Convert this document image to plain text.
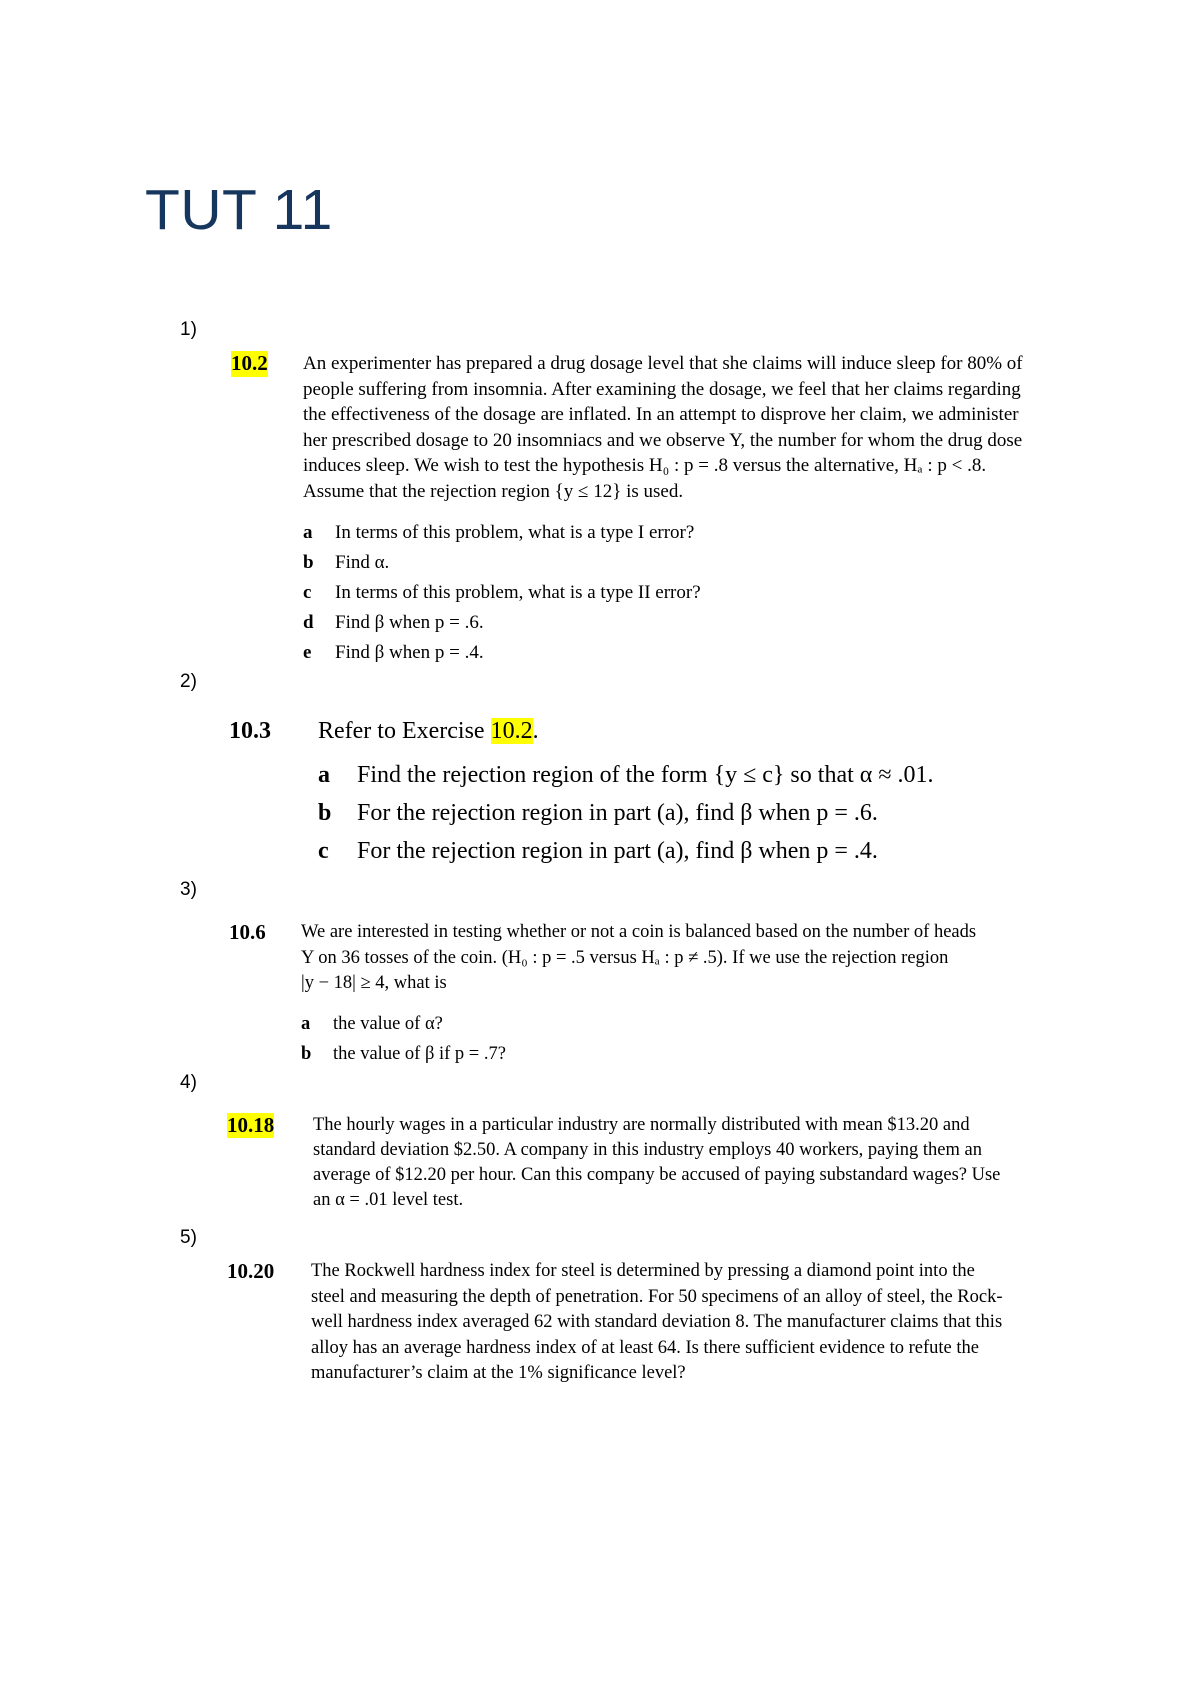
TUT 11
1)
10.2 An experimenter has prepared a drug dosage level that she claims will induce sleep for 80% of
people suffering from insomnia. After examining the dosage, we feel that her claims regarding
the effectiveness of the dosage are inflated. In an attempt to disprove her claim, we administer
her prescribed dosage to 20 insomniacs and we observe Y, the number for whom the drug dose
induces sleep. We wish to test the hypothesis H₀ : p = .8 versus the alternative, Hₐ : p < .8.
Assume that the rejection region {y ≤ 12} is used.
a	In terms of this problem, what is a type I error?
b	Find α.
c	In terms of this problem, what is a type II error?
d	Find β when p = .6.
e	Find β when p = .4.
2)
10.3 Refer to Exercise 10.2.
a	Find the rejection region of the form {y ≤ c} so that α ≈ .01.
b	For the rejection region in part (a), find β when p = .6.
c	For the rejection region in part (a), find β when p = .4.
3)
10.6 We are interested in testing whether or not a coin is balanced based on the number of heads
Y on 36 tosses of the coin. (H₀ : p = .5 versus Hₐ : p ≠ .5). If we use the rejection region
|y − 18| ≥ 4, what is
a	the value of α?
b	the value of β if p = .7?
4)
10.18 The hourly wages in a particular industry are normally distributed with mean $13.20 and
standard deviation $2.50. A company in this industry employs 40 workers, paying them an
average of $12.20 per hour. Can this company be accused of paying substandard wages? Use
an α = .01 level test.
5)
10.20 The Rockwell hardness index for steel is determined by pressing a diamond point into the
steel and measuring the depth of penetration. For 50 specimens of an alloy of steel, the Rock-
well hardness index averaged 62 with standard deviation 8. The manufacturer claims that this
alloy has an average hardness index of at least 64. Is there sufficient evidence to refute the
manufacturer’s claim at the 1% significance level?
